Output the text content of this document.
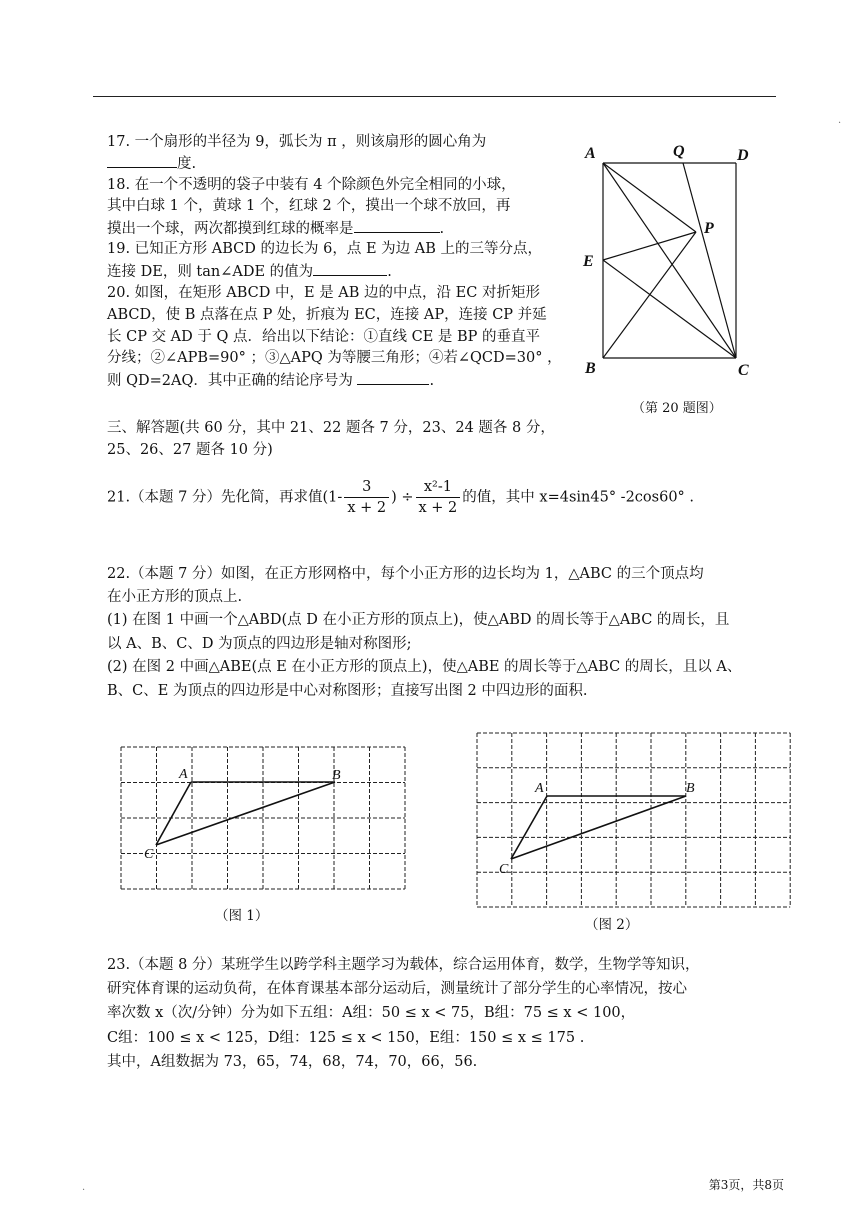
·
·
17. 一个扇形的半径为 9，弧长为 π ，则该扇形的圆心角为
度.
18. 在一个不透明的袋子中装有 4 个除颜色外完全相同的小球，
其中白球 1 个，黄球 1 个，红球 2 个，摸出一个球不放回，再
摸出一个球，两次都摸到红球的概率是	.
19. 已知正方形 ABCD 的边长为 6，点 E 为边 AB 上的三等分点，
连接 DE，则 tan∠ADE 的值为	.
20. 如图，在矩形 ABCD 中，E 是 AB 边的中点，沿 EC 对折矩形
ABCD，使 B 点落在点 P 处，折痕为 EC，连接 AP，连接 CP 并延
长 CP 交 AD 于 Q 点．给出以下结论：①直线 CE 是 BP 的垂直平
分线；②∠APB=90° ；③△APQ 为等腰三角形；④若∠QCD=30° ，
则 QD=2AQ．其中正确的结论序号为	.
A	Q	D
P
E
B	C
（第 20 题图）
三、解答题(共 60 分，其中 21、22 题各 7 分，23、24 题各 8 分，
25、26、27 题各 10 分)
21.（本题 7 分）先化简，再求值($1- \frac{3}{x + 2}$ ) ÷ $\frac{\text{x²-1}}{x + 2}$ 的值，其中 x=4sin45° -2cos60° .
22.（本题 7 分）如图，在正方形网格中，每个小正方形的边长均为 1，△ABC 的三个顶点均
在小正方形的顶点上.
(1) 在图 1 中画一个△ABD(点 D 在小正方形的顶点上)，使△ABD 的周长等于△ABC 的周长，且
以 A、B、C、D 为顶点的四边形是轴对称图形;
(2) 在图 2 中画△ABE(点 E 在小正方形的顶点上)，使△ABE 的周长等于△ABC 的周长，且以 A、
B、C、E 为顶点的四边形是中心对称图形；直接写出图 2 中四边形的面积.
A	B
C
（图 1）
A	B
C
（图 2）
23.（本题 8 分）某班学生以跨学科主题学习为载体，综合运用体育，数学，生物学等知识，
研究体育课的运动负荷，在体育课基本部分运动后，测量统计了部分学生的心率情况，按心
率次数 x（次/分钟）分为如下五组：A组：50 ≤ x < 75，B组：75 ≤ x < 100，
C组：100 ≤ x < 125，D组：125 ≤ x < 150，E组：150 ≤ x ≤ 175 .
其中，A组数据为 73，65，74，68，74，70，66，56.
第3页，共8页
